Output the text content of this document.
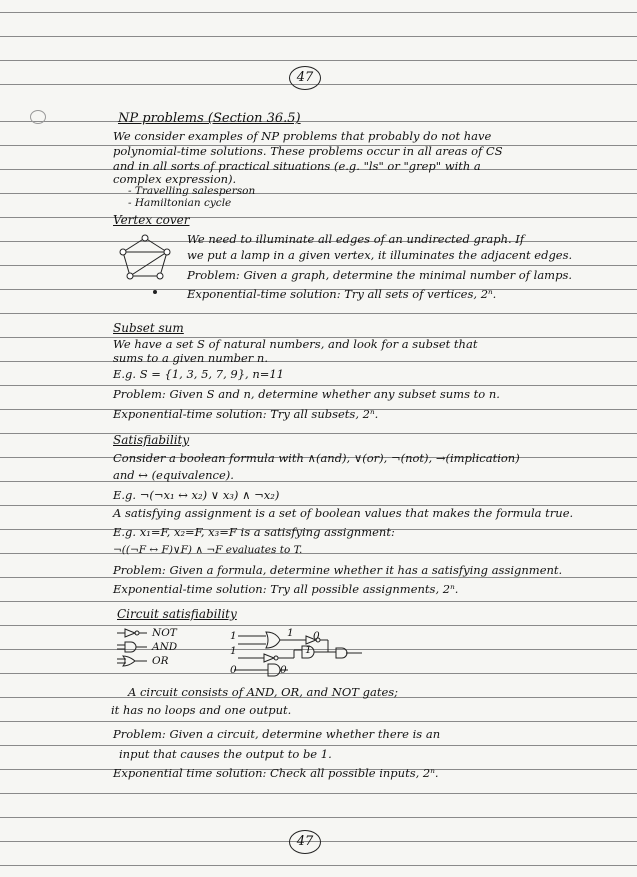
47
NP problems (Section 36.5)
We consider examples of NP problems that probably do not have
polynomial-time solutions. These problems occur in all areas of CS
and in all sorts of practical situations (e.g. "ls" or "grep" with a
complex expression).
- Travelling salesperson
- Hamiltonian cycle
Vertex cover
We need to illuminate all edges of an undirected graph. If
we put a lamp in a given vertex, it illuminates the adjacent edges.
Problem: Given a graph, determine the minimal number of lamps.
Exponential-time solution: Try all sets of vertices, 2ⁿ.
Subset sum
We have a set S of natural numbers, and look for a subset that
sums to a given number n.
E.g. S = {1, 3, 5, 7, 9}, n=11
Problem: Given S and n, determine whether any subset sums to n.
Exponential-time solution: Try all subsets, 2ⁿ.
Satisfiability
Consider a boolean formula with ∧(and), ∨(or), ¬(not), →(implication)
and ↔ (equivalence).
E.g. ¬(¬x₁ ↔ x₂) ∨ x₃) ∧ ¬x₂)
A satisfying assignment is a set of boolean values that makes the formula true.
E.g. x₁=F, x₂=F, x₃=F is a satisfying assignment:
¬((¬F ↔ F)∨F) ∧ ¬F evaluates to T.
Problem: Given a formula, determine whether it has a satisfying assignment.
Exponential-time solution: Try all possible assignments, 2ⁿ.
Circuit satisfiability
NOT
AND
OR
1
1
1
0
0
1
0
A circuit consists of AND, OR, and NOT gates;
it has no loops and one output.
Problem: Given a circuit, determine whether there is an
input that causes the output to be 1.
Exponential time solution: Check all possible inputs, 2ⁿ.
47
